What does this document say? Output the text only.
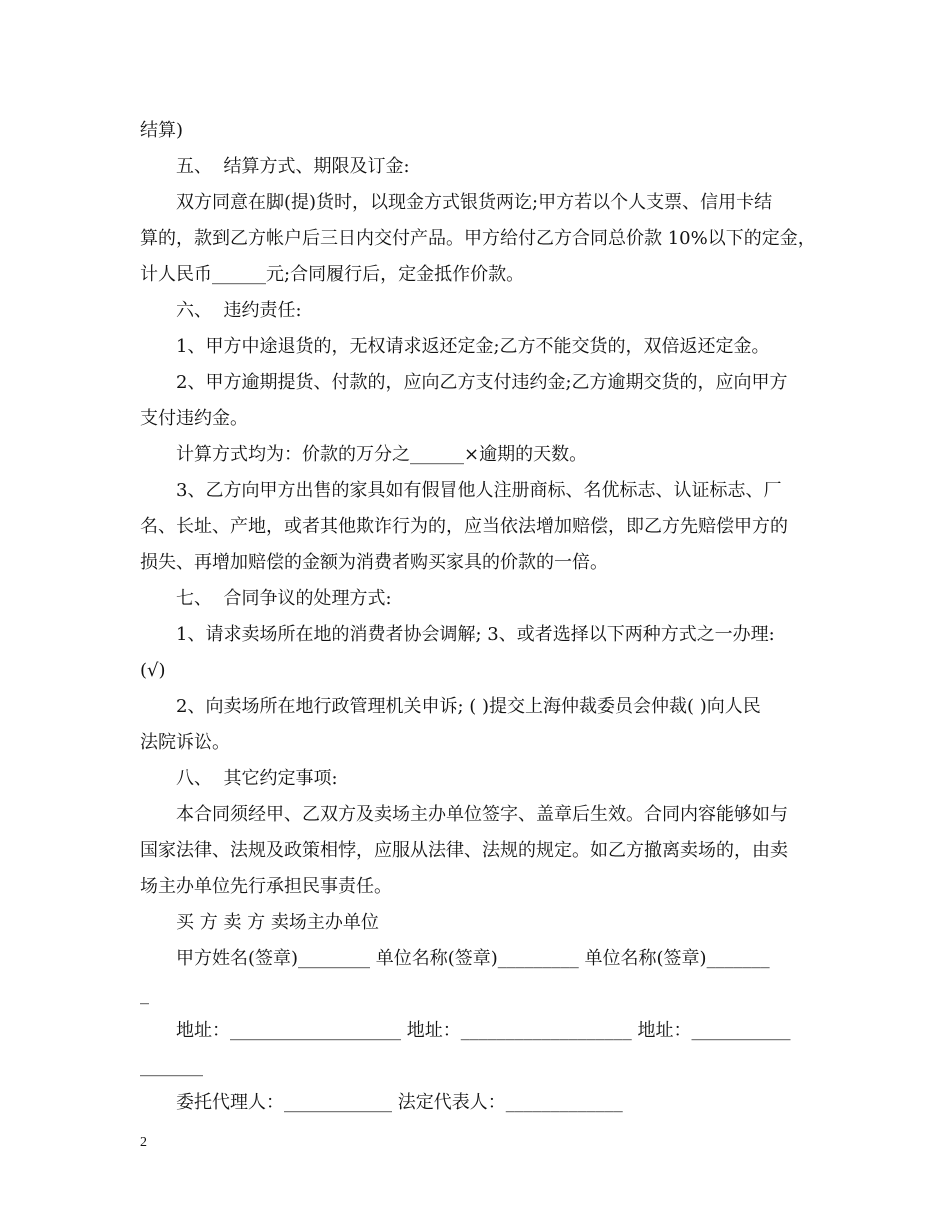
结算)

五、  结算方式、期限及订金:

双方同意在脚(提)货时，以现金方式银货两讫;甲方若以个人支票、信用卡结

算的，款到乙方帐户后三日内交付产品。甲方给付乙方合同总价款 10%以下的定金，

计人民币______元;合同履行后，定金抵作价款。

六、  违约责任:

1、甲方中途退货的，无权请求返还定金;乙方不能交货的，双倍返还定金。

2、甲方逾期提货、付款的，应向乙方支付违约金;乙方逾期交货的，应向甲方

支付违约金。

计算方式均为：价款的万分之______×逾期的天数。

3、乙方向甲方出售的家具如有假冒他人注册商标、名优标志、认证标志、厂

名、长址、产地，或者其他欺诈行为的，应当依法增加赔偿，即乙方先赔偿甲方的

损失、再增加赔偿的金额为消费者购买家具的价款的一倍。

七、  合同争议的处理方式:

1、请求卖场所在地的消费者协会调解; 3、或者选择以下两种方式之一办理:

(√)

2、向卖场所在地行政管理机关申诉; ( )提交上海仲裁委员会仲裁( )向人民

法院诉讼。

八、  其它约定事项:

本合同须经甲、乙双方及卖场主办单位签字、盖章后生效。合同内容能够如与

国家法律、法规及政策相悖，应服从法律、法规的规定。如乙方撤离卖场的，由卖

场主办单位先行承担民事责任。

买 方 卖 方 卖场主办单位

甲方姓名(签章)________ 单位名称(签章)_________ 单位名称(签章)_______

_

地址：___________________ 地址：___________________ 地址：___________

_______

委托代理人：____________ 法定代表人：_____________

2
